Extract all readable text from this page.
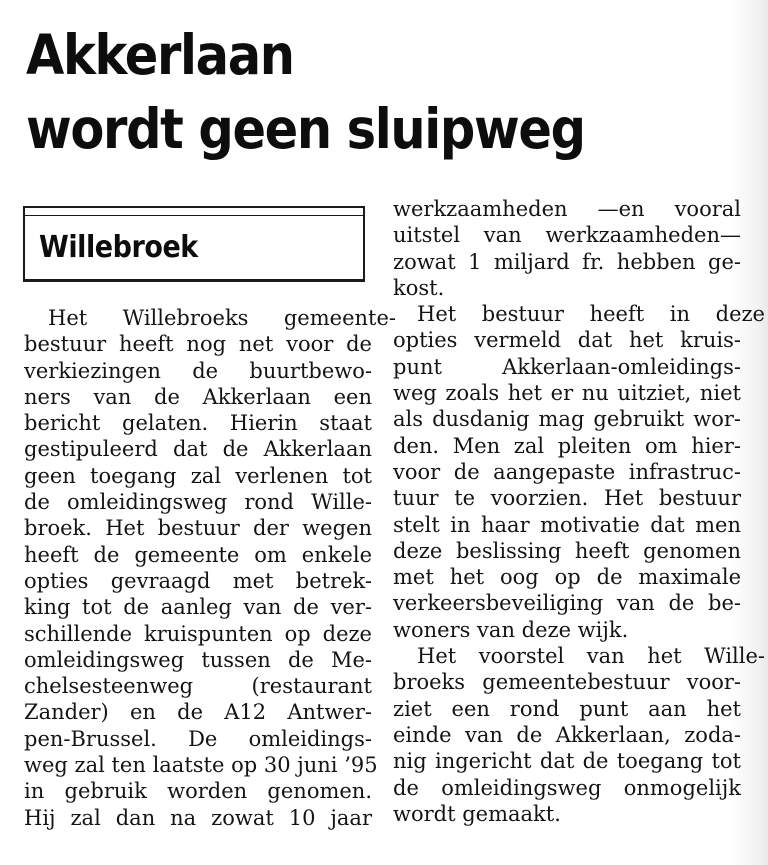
Akkerlaan
wordt geen sluipweg
Willebroek

Het Willebroeks gemeente-
bestuur heeft nog net voor de
verkiezingen de buurtbewo-
ners van de Akkerlaan een
bericht gelaten. Hierin staat
gestipuleerd dat de Akkerlaan
geen toegang zal verlenen tot
de omleidingsweg rond Wille-
broek. Het bestuur der wegen
heeft de gemeente om enkele
opties gevraagd met betrek-
king tot de aanleg van de ver-
schillende kruispunten op deze
omleidingsweg tussen de Me-
chelsesteenweg (restaurant
Zander) en de A12 Antwer-
pen-Brussel. De omleidings-
weg zal ten laatste op 30 juni ’95
in gebruik worden genomen.
Hij zal dan na zowat 10 jaar

werkzaamheden —en vooral
uitstel van werkzaamheden—
zowat 1 miljard fr. hebben ge-
kost.

Het bestuur heeft in deze
opties vermeld dat het kruis-
punt Akkerlaan-omleidings-
weg zoals het er nu uitziet, niet
als dusdanig mag gebruikt wor-
den. Men zal pleiten om hier-
voor de aangepaste infrastruc-
tuur te voorzien. Het bestuur
stelt in haar motivatie dat men
deze beslissing heeft genomen
met het oog op de maximale
verkeersbeveiliging van de be-
woners van deze wijk.

Het voorstel van het Wille-
broeks gemeentebestuur voor-
ziet een rond punt aan het
einde van de Akkerlaan, zoda-
nig ingericht dat de toegang tot
de omleidingsweg onmogelijk
wordt gemaakt.
